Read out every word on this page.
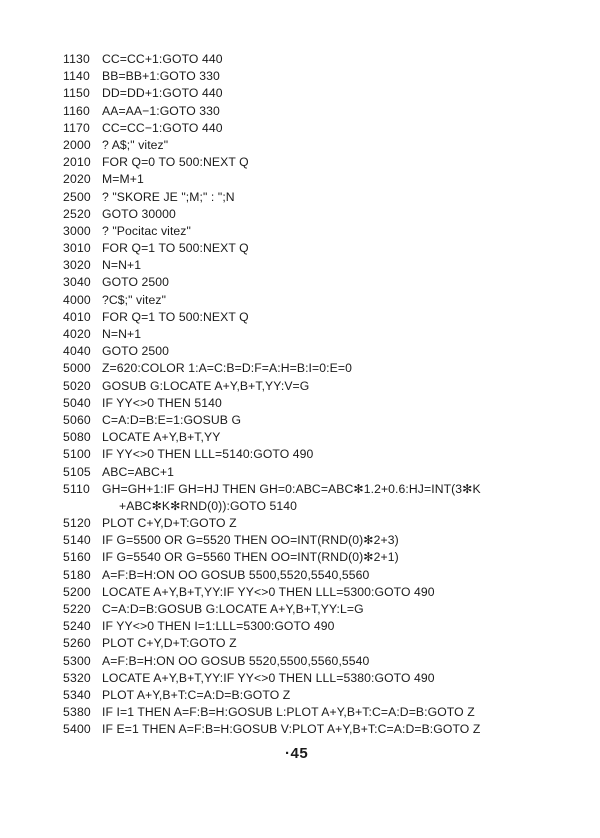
1130 CC=CC+1:GOTO 440
1140 BB=BB+1:GOTO 330
1150 DD=DD+1:GOTO 440
1160 AA=AA−1:GOTO 330
1170 CC=CC−1:GOTO 440
2000 ? A$;" vitez"
2010 FOR Q=0 TO 500:NEXT Q
2020 M=M+1
2500 ? "SKORE JE ";M;" : ";N
2520 GOTO 30000
3000 ? "Pocitac vitez"
3010 FOR Q=1 TO 500:NEXT Q
3020 N=N+1
3040 GOTO 2500
4000 ?C$;" vitez"
4010 FOR Q=1 TO 500:NEXT Q
4020 N=N+1
4040 GOTO 2500
5000 Z=620:COLOR 1:A=C:B=D:F=A:H=B:I=0:E=0
5020 GOSUB G:LOCATE A+Y,B+T,YY:V=G
5040 IF YY<>0 THEN 5140
5060 C=A:D=B:E=1:GOSUB G
5080 LOCATE A+Y,B+T,YY
5100 IF YY<>0 THEN LLL=5140:GOTO 490
5105 ABC=ABC+1
5110 GH=GH+1:IF GH=HJ THEN GH=0:ABC=ABC✻1.2+0.6:HJ=INT(3✻K
+ABC✻K✻RND(0)):GOTO 5140
5120 PLOT C+Y,D+T:GOTO Z
5140 IF G=5500 OR G=5520 THEN OO=INT(RND(0)✻2+3)
5160 IF G=5540 OR G=5560 THEN OO=INT(RND(0)✻2+1)
5180 A=F:B=H:ON OO GOSUB 5500,5520,5540,5560
5200 LOCATE A+Y,B+T,YY:IF YY<>0 THEN LLL=5300:GOTO 490
5220 C=A:D=B:GOSUB G:LOCATE A+Y,B+T,YY:L=G
5240 IF YY<>0 THEN I=1:LLL=5300:GOTO 490
5260 PLOT C+Y,D+T:GOTO Z
5300 A=F:B=H:ON OO GOSUB 5520,5500,5560,5540
5320 LOCATE A+Y,B+T,YY:IF YY<>0 THEN LLL=5380:GOTO 490
5340 PLOT A+Y,B+T:C=A:D=B:GOTO Z
5380 IF I=1 THEN A=F:B=H:GOSUB L:PLOT A+Y,B+T:C=A:D=B:GOTO Z
5400 IF E=1 THEN A=F:B=H:GOSUB V:PLOT A+Y,B+T:C=A:D=B:GOTO Z
·45
